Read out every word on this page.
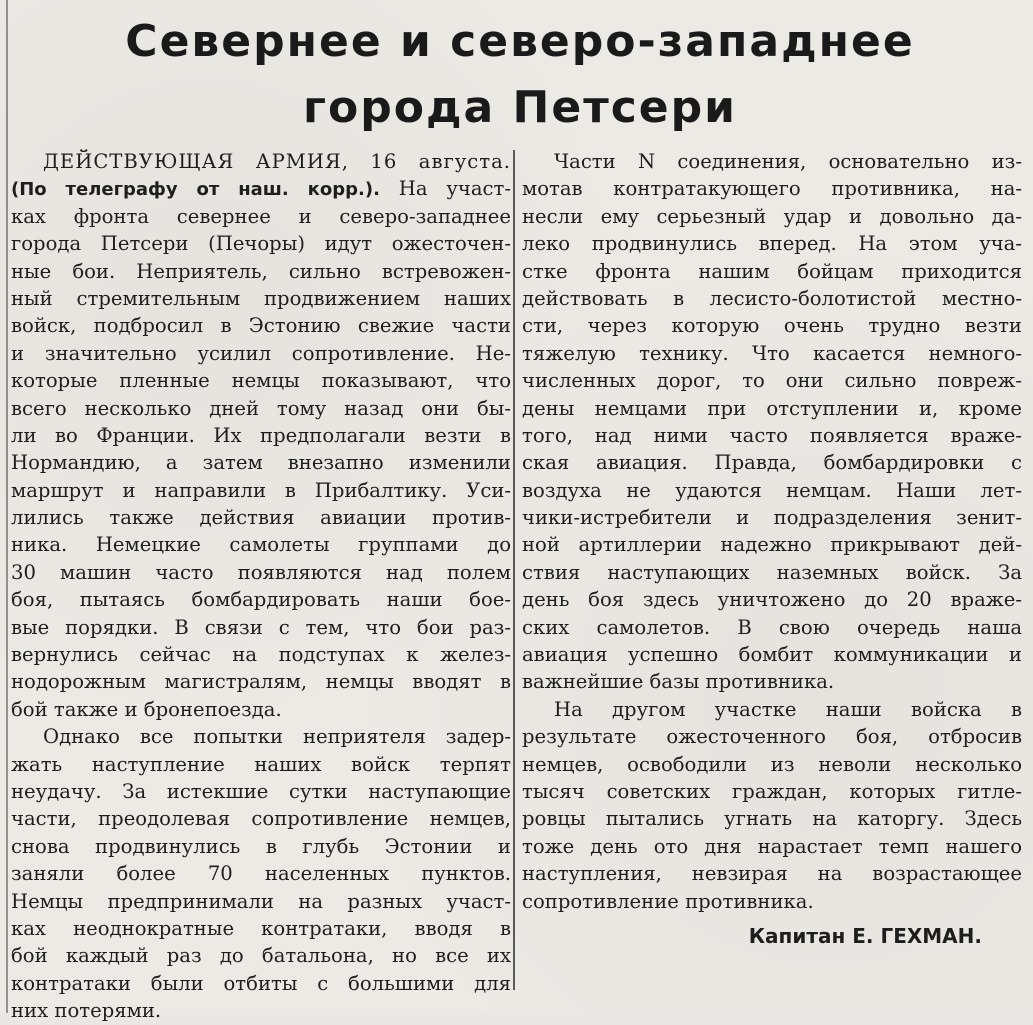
Севернее и северо-западнее
города Петсери
ДЕЙСТВУЮЩАЯ АРМИЯ, 16 августа.
(По телеграфу от наш. корр.). На участ-
ках фронта севернее и северо-западнее
города Петсери (Печоры) идут ожесточен-
ные бои. Неприятель, сильно встревожен-
ный стремительным продвижением наших
войск, подбросил в Эстонию свежие части
и значительно усилил сопротивление. Не-
которые пленные немцы показывают, что
всего несколько дней тому назад они бы-
ли во Франции. Их предполагали везти в
Нормандию, а затем внезапно изменили
маршрут и направили в Прибалтику. Уси-
лились также действия авиации против-
ника. Немецкие самолеты группами до
30 машин часто появляются над полем
боя, пытаясь бомбардировать наши бое-
вые порядки. В связи с тем, что бои раз-
вернулись сейчас на подступах к желез-
нодорожным магистралям, немцы вводят в
бой также и бронепоезда.
Однако все попытки неприятеля задер-
жать наступление наших войск терпят
неудачу. За истекшие сутки наступающие
части, преодолевая сопротивление немцев,
снова продвинулись в глубь Эстонии и
заняли более 70 населенных пунктов.
Немцы предпринимали на разных участ-
ках неоднократные контратаки, вводя в
бой каждый раз до батальона, но все их
контратаки были отбиты с большими для
них потерями.
Части N соединения, основательно из-
мотав контратакующего противника, на-
несли ему серьезный удар и довольно да-
леко продвинулись вперед. На этом уча-
стке фронта нашим бойцам приходится
действовать в лесисто-болотистой местно-
сти, через которую очень трудно везти
тяжелую технику. Что касается немного-
численных дорог, то они сильно повреж-
дены немцами при отступлении и, кроме
того, над ними часто появляется враже-
ская авиация. Правда, бомбардировки с
воздуха не удаются немцам. Наши лет-
чики-истребители и подразделения зенит-
ной артиллерии надежно прикрывают дей-
ствия наступающих наземных войск. За
день боя здесь уничтожено до 20 враже-
ских самолетов. В свою очередь наша
авиация успешно бомбит коммуникации и
важнейшие базы противника.
На другом участке наши войска в
результате ожесточенного боя, отбросив
немцев, освободили из неволи несколько
тысяч советских граждан, которых гитле-
ровцы пытались угнать на каторгу. Здесь
тоже день ото дня нарастает темп нашего
наступления, невзирая на возрастающее
сопротивление противника.
Капитан Е. ГЕХМАН.
